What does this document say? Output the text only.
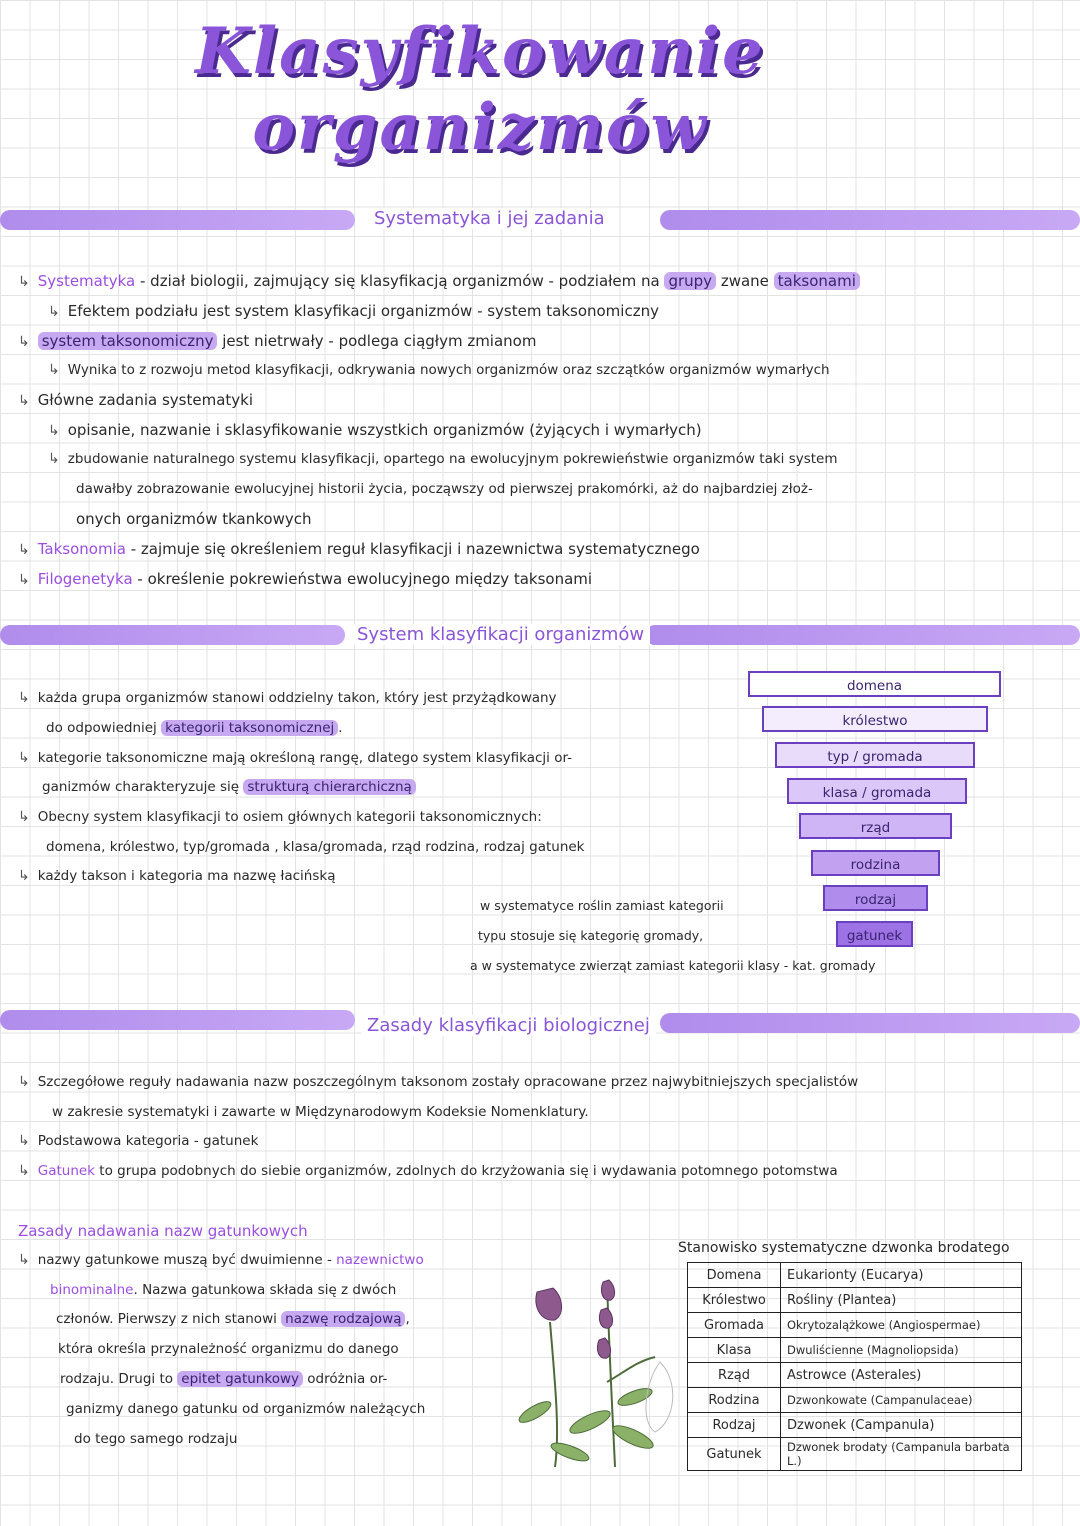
Klasyfikowanie
organizmów
Systematyka i jej zadania
↳ Systematyka - dział biologii, zajmujący się klasyfikacją organizmów - podziałem na grupy zwane taksonami
↳ Efektem podziału jest system klasyfikacji organizmów - system taksonomiczny
↳ system taksonomiczny jest nietrwały - podlega ciągłym zmianom
↳ Wynika to z rozwoju metod klasyfikacji, odkrywania nowych organizmów oraz szczątków organizmów wymarłych
↳ Główne zadania systematyki
↳ opisanie, nazwanie i sklasyfikowanie wszystkich organizmów (żyjących i wymarłych)
↳ zbudowanie naturalnego systemu klasyfikacji, opartego na ewolucyjnym pokrewieństwie organizmów taki system
dawałby zobrazowanie ewolucyjnej historii życia, począwszy od pierwszej prakomórki, aż do najbardziej złoż-
onych organizmów tkankowych
↳ Taksonomia - zajmuje się określeniem reguł klasyfikacji i nazewnictwa systematycznego
↳ Filogenetyka - określenie pokrewieństwa ewolucyjnego między taksonami
System klasyfikacji organizmów
↳ każda grupa organizmów stanowi oddzielny takon, który jest przyżądkowany
do odpowiedniej kategorii taksonomicznej .
↳ kategorie taksonomiczne mają określoną rangę, dlatego system klasyfikacji or-
ganizmów charakteryzuje się strukturą chierarchiczną
↳ Obecny system klasyfikacji to osiem głównych kategorii taksonomicznych:
domena, królestwo, typ/gromada , klasa/gromada, rząd rodzina, rodzaj gatunek
↳ każdy takson i kategoria ma nazwę łacińską
w systematyce roślin zamiast kategorii
typu stosuje się kategorię gromady,
a w systematyce zwierząt zamiast kategorii klasy - kat. gromady
domena
królestwo
typ / gromada
klasa / gromada
rząd
rodzina
rodzaj
gatunek
Zasady klasyfikacji biologicznej
↳ Szczegółowe reguły nadawania nazw poszczególnym taksonom zostały opracowane przez najwybitniejszych specjalistów
w zakresie systematyki i zawarte w Międzynarodowym Kodeksie Nomenklatury.
↳ Podstawowa kategoria - gatunek
↳ Gatunek to grupa podobnych do siebie organizmów, zdolnych do krzyżowania się i wydawania potomnego potomstwa
Zasady nadawania nazw gatunkowych
↳ nazwy gatunkowe muszą być dwuimienne - nazewnictwo
binominalne. Nazwa gatunkowa składa się z dwóch
członów. Pierwszy z nich stanowi nazwę rodzajową ,
która określa przynależność organizmu do danego
rodzaju. Drugi to epitet gatunkowy odróżnia or-
ganizmy danego gatunku od organizmów należących
do tego samego rodzaju
Stanowisko systematyczne dzwonka brodatego
Domena	Eukarionty (Eucarya)
Królestwo	Rośliny (Plantea)
Gromada	Okrytozalążkowe (Angiospermae)
Klasa	Dwuliścienne (Magnoliopsida)
Rząd	Astrowce (Asterales)
Rodzina	Dzwonkowate (Campanulaceae)
Rodzaj	Dzwonek (Campanula)
Gatunek	Dzwonek brodaty (Campanula barbata L.)
